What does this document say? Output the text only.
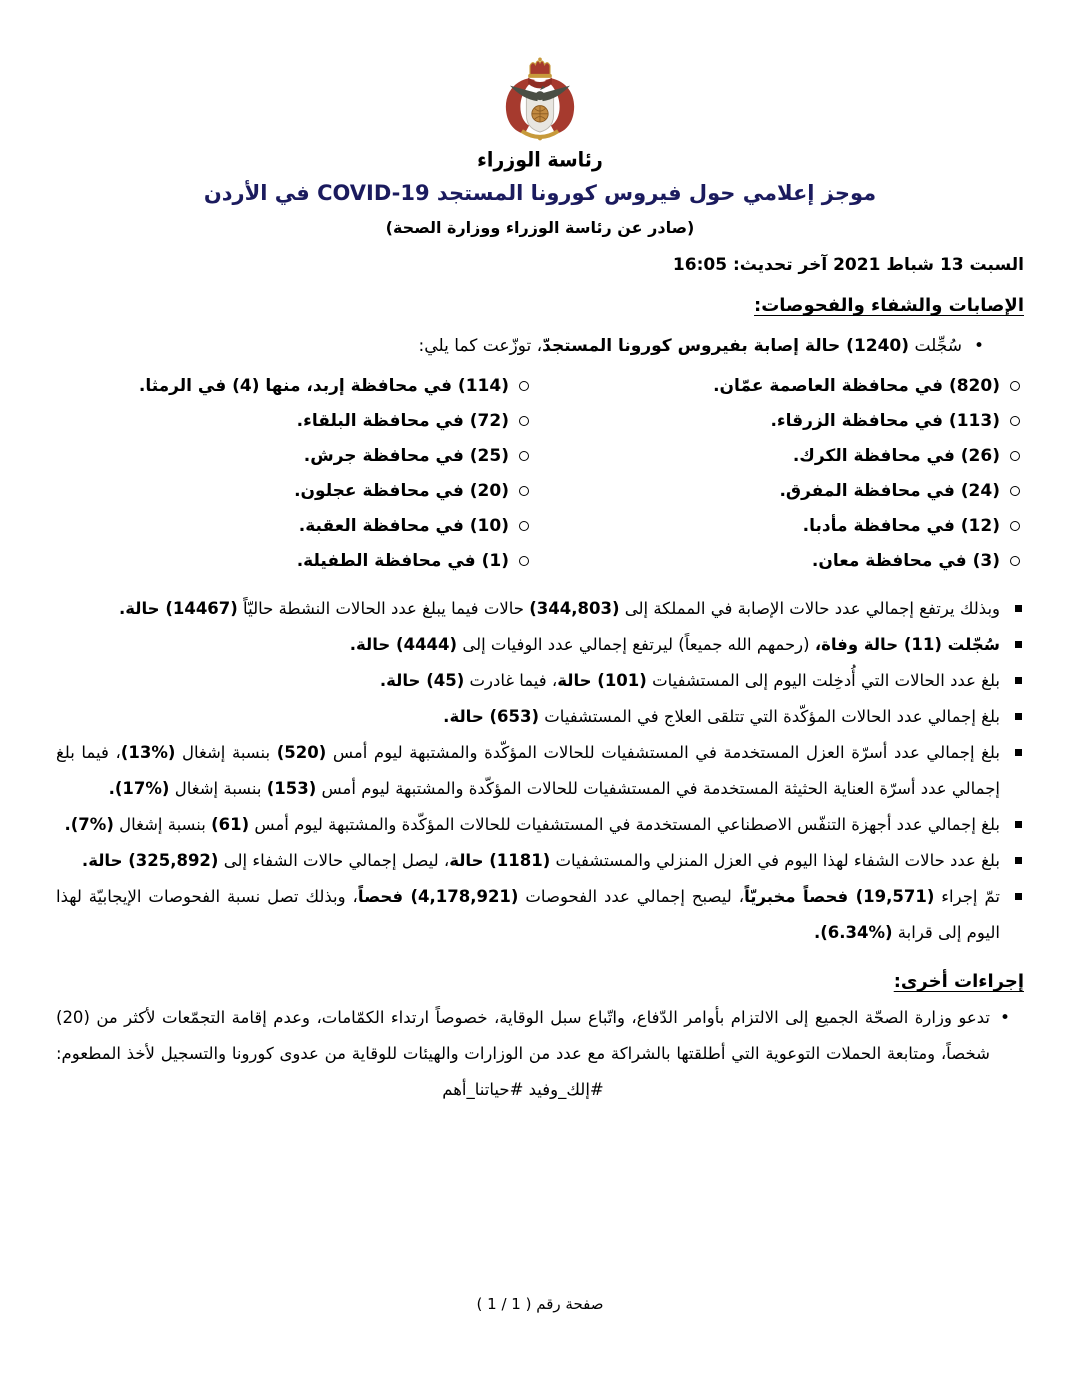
رئاسة الوزراء
موجز إعلامي حول فيروس كورونا المستجد COVID-19 في الأردن
(صادر عن رئاسة الوزراء ووزارة الصحة)
السبت 13 شباط 2021 آخر تحديث: 16:05
الإصابات والشفاء والفحوصات:
•
سُجِّلت (1240) حالة إصابة بفيروس كورونا المستجدّ، توزّعت كما يلي:
(820) في محافظة العاصمة عمّان.
(113) في محافظة الزرقاء.
(26) في محافظة الكرك.
(24) في محافظة المفرق.
(12) في محافظة مأدبا.
(3) في محافظة معان.
(114) في محافظة إربد، منها (4) في الرمثا.
(72) في محافظة البلقاء.
(25) في محافظة جرش.
(20) في محافظة عجلون.
(10) في محافظة العقبة.
(1) في محافظة الطفيلة.
وبذلك يرتفع إجمالي عدد حالات الإصابة في المملكة إلى (344,803) حالات فيما يبلغ عدد الحالات النشطة حاليّاً (14467) حالة.
سُجّلت (11) حالة وفاة، (رحمهم الله جميعاً) ليرتفع إجمالي عدد الوفيات إلى (4444) حالة.
بلغ عدد الحالات التي أُدخِلت اليوم إلى المستشفيات (101) حالة، فيما غادرت (45) حالة.
بلغ إجمالي عدد الحالات المؤكّدة التي تتلقى العلاج في المستشفيات (653) حالة.
بلغ إجمالي عدد أسرّة العزل المستخدمة في المستشفيات للحالات المؤكّدة والمشتبهة ليوم أمس (520) بنسبة إشغال (%13)، فيما بلغ إجمالي عدد أسرّة العناية الحثيثة المستخدمة في المستشفيات للحالات المؤكّدة والمشتبهة ليوم أمس (153) بنسبة إشغال (%17).
بلغ إجمالي عدد أجهزة التنفّس الاصطناعي المستخدمة في المستشفيات للحالات المؤكّدة والمشتبهة ليوم أمس (61) بنسبة إشغال (%7).
بلغ عدد حالات الشفاء لهذا اليوم في العزل المنزلي والمستشفيات (1181) حالة، ليصل إجمالي حالات الشفاء إلى (325,892) حالة.
تمّ إجراء (19,571) فحصاً مخبريّاً، ليصبح إجمالي عدد الفحوصات (4,178,921) فحصاً، وبذلك تصل نسبة الفحوصات الإيجابيّة لهذا اليوم إلى قرابة (%6.34).
إجراءات أخرى:
•
تدعو وزارة الصحّة الجميع إلى الالتزام بأوامر الدّفاع، واتّباع سبل الوقاية، خصوصاً ارتداء الكمّامات، وعدم إقامة التجمّعات لأكثر من (20) شخصاً، ومتابعة الحملات التوعوية التي أطلقتها بالشراكة مع عدد من الوزارات والهيئات للوقاية من عدوى كورونا والتسجيل لأخذ المطعوم: #إلك_وفيد #حياتنا_أهم
صفحة رقم ( 1 / 1 )
